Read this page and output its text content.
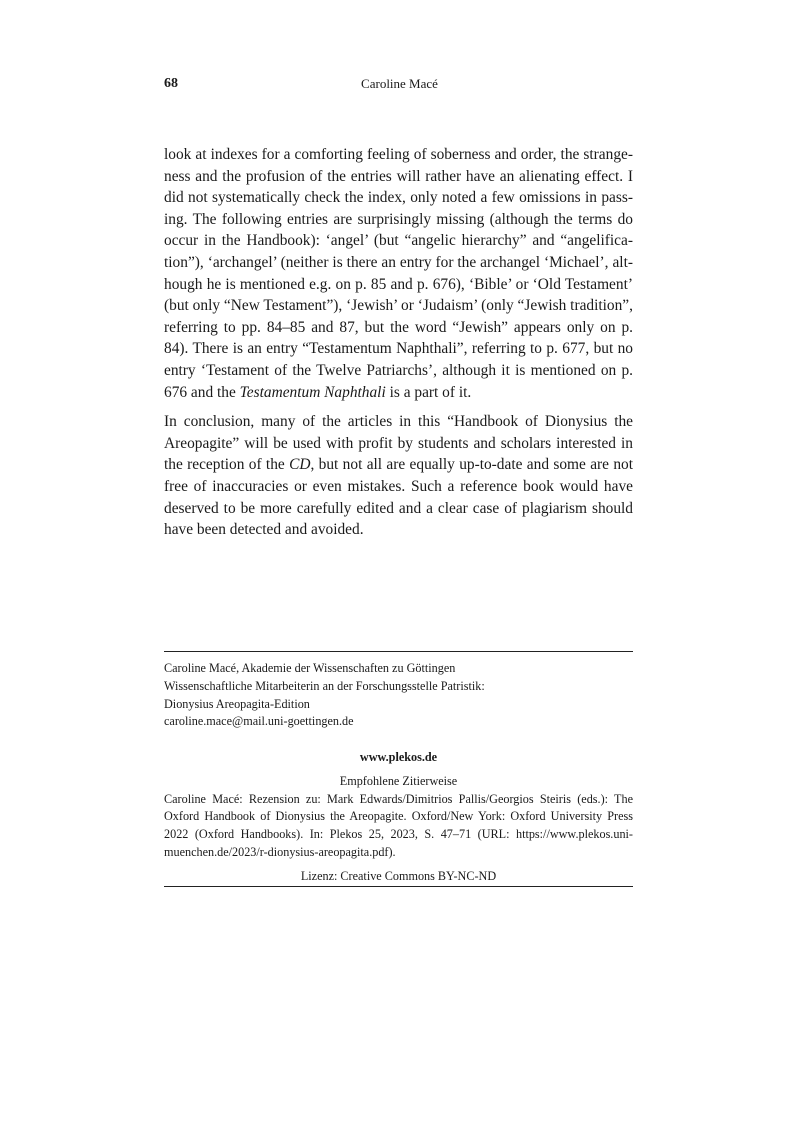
68	Caroline Macé

look at indexes for a comforting feeling of soberness and order, the strangeness and the profusion of the entries will rather have an alienating effect. I did not systematically check the index, only noted a few omissions in passing. The following entries are surprisingly missing (although the terms do occur in the Handbook): ‘angel’ (but “angelic hierarchy” and “angelification”), ‘archangel’ (neither is there an entry for the archangel ‘Michael’, although he is mentioned e.g. on p. 85 and p. 676), ‘Bible’ or ‘Old Testament’ (but only “New Testament”), ‘Jewish’ or ‘Judaism’ (only “Jewish tradition”, referring to pp. 84–85 and 87, but the word “Jewish” appears only on p. 84). There is an entry “Testamentum Naphthali”, referring to p. 677, but no entry ‘Testament of the Twelve Patriarchs’, although it is mentioned on p. 676 and the Testamentum Naphthali is a part of it.

In conclusion, many of the articles in this “Handbook of Dionysius the Areopagite” will be used with profit by students and scholars interested in the reception of the CD, but not all are equally up-to-date and some are not free of inaccuracies or even mistakes. Such a reference book would have deserved to be more carefully edited and a clear case of plagiarism should have been detected and avoided.

Caroline Macé, Akademie der Wissenschaften zu Göttingen
Wissenschaftliche Mitarbeiterin an der Forschungsstelle Patristik:
Dionysius Areopagita-Edition
caroline.mace@mail.uni-goettingen.de
www.plekos.de
Empfohlene Zitierweise
Caroline Macé: Rezension zu: Mark Edwards/Dimitrios Pallis/Georgios Steiris (eds.): The Oxford Handbook of Dionysius the Areopagite. Oxford/New York: Oxford University Press 2022 (Oxford Handbooks). In: Plekos 25, 2023, S. 47–71 (URL: https://www.plekos.uni-muenchen.de/2023/r-dionysius-areopagita.pdf).
Lizenz: Creative Commons BY-NC-ND
